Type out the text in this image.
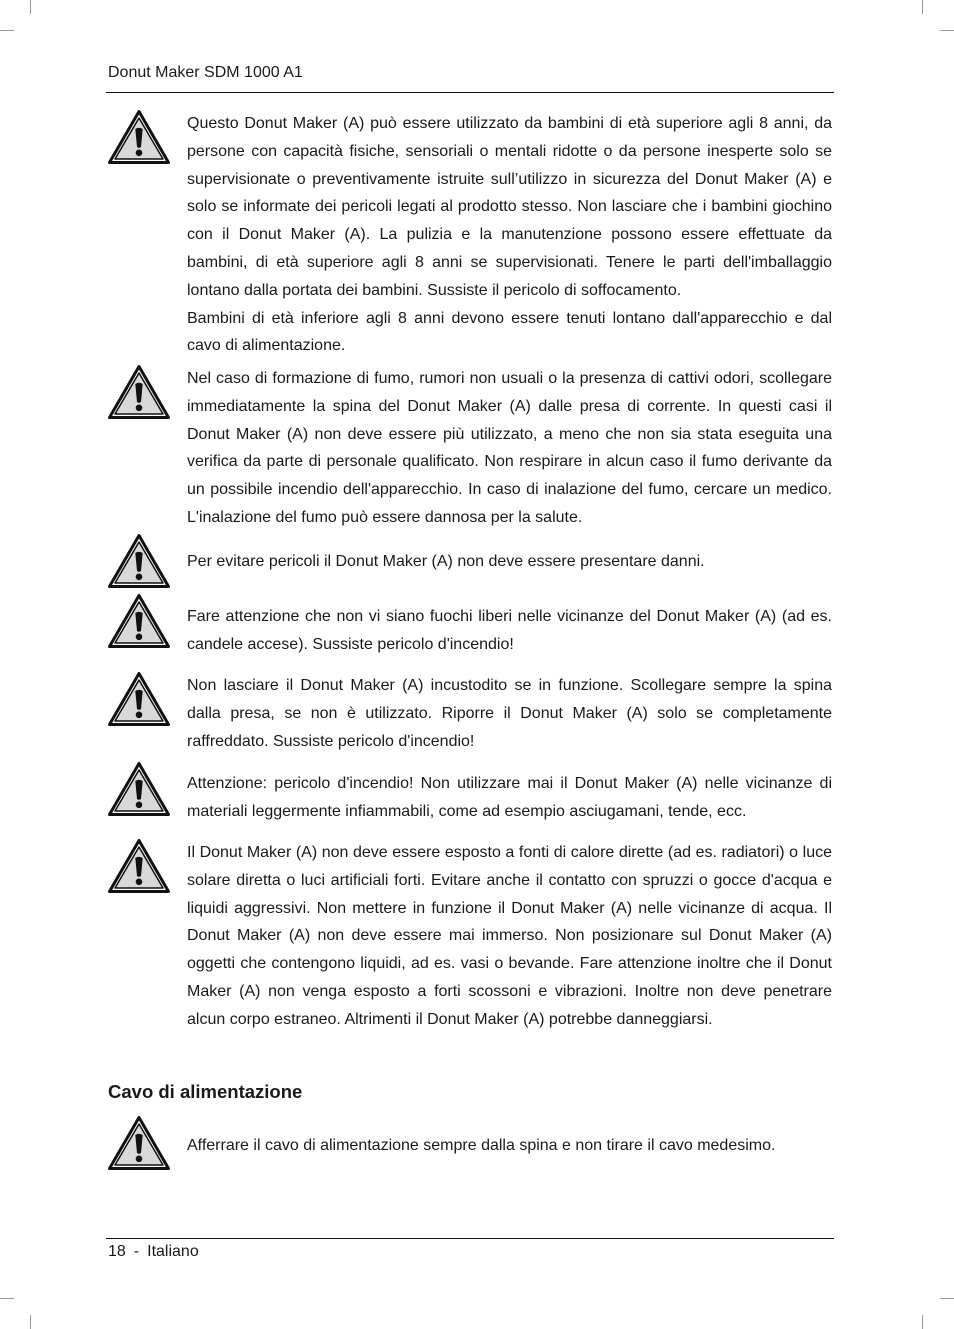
Donut Maker SDM 1000 A1

Questo Donut Maker (A) può essere utilizzato da bambini di età superiore agli 8 anni, da persone con capacità fisiche, sensoriali o mentali ridotte o da persone inesperte solo se supervisionate o preventivamente istruite sull’utilizzo in sicurezza del Donut Maker (A) e solo se informate dei pericoli legati al prodotto stesso. Non lasciare che i bambini giochino con il Donut Maker (A). La pulizia e la manutenzione possono essere effettuate da bambini, di età superiore agli 8 anni se supervisionati. Tenere le parti dell'imballaggio lontano dalla portata dei bambini. Sussiste il pericolo di soffocamento.

Bambini di età inferiore agli 8 anni devono essere tenuti lontano dall'apparecchio e dal cavo di alimentazione.

Nel caso di formazione di fumo, rumori non usuali o la presenza di cattivi odori, scollegare immediatamente la spina del Donut Maker (A) dalle presa di corrente. In questi casi il Donut Maker (A) non deve essere più utilizzato, a meno che non sia stata eseguita una verifica da parte di personale qualificato. Non respirare in alcun caso il fumo derivante da un possibile incendio dell'apparecchio. In caso di inalazione del fumo, cercare un medico. L'inalazione del fumo può essere dannosa per la salute.

Per evitare pericoli il Donut Maker (A) non deve essere presentare danni.

Fare attenzione che non vi siano fuochi liberi nelle vicinanze del Donut Maker (A) (ad es. candele accese). Sussiste pericolo d'incendio!

Non lasciare il Donut Maker (A) incustodito se in funzione. Scollegare sempre la spina dalla presa, se non è utilizzato. Riporre il Donut Maker (A) solo se completamente raffreddato. Sussiste pericolo d'incendio!

Attenzione: pericolo d'incendio! Non utilizzare mai il Donut Maker (A) nelle vicinanze di materiali leggermente infiammabili, come ad esempio asciugamani, tende, ecc.

Il Donut Maker (A) non deve essere esposto a fonti di calore dirette (ad es. radiatori) o luce solare diretta o luci artificiali forti. Evitare anche il contatto con spruzzi o gocce d'acqua e liquidi aggressivi. Non mettere in funzione il Donut Maker (A) nelle vicinanze di acqua. Il Donut Maker (A) non deve essere mai immerso. Non posizionare sul Donut Maker (A) oggetti che contengono liquidi, ad es. vasi o bevande. Fare attenzione inoltre che il Donut Maker (A) non venga esposto a forti scossoni e vibrazioni. Inoltre non deve penetrare alcun corpo estraneo. Altrimenti il Donut Maker (A) potrebbe danneggiarsi.

Cavo di alimentazione

Afferrare il cavo di alimentazione sempre dalla spina e non tirare il cavo medesimo.

18 - Italiano
